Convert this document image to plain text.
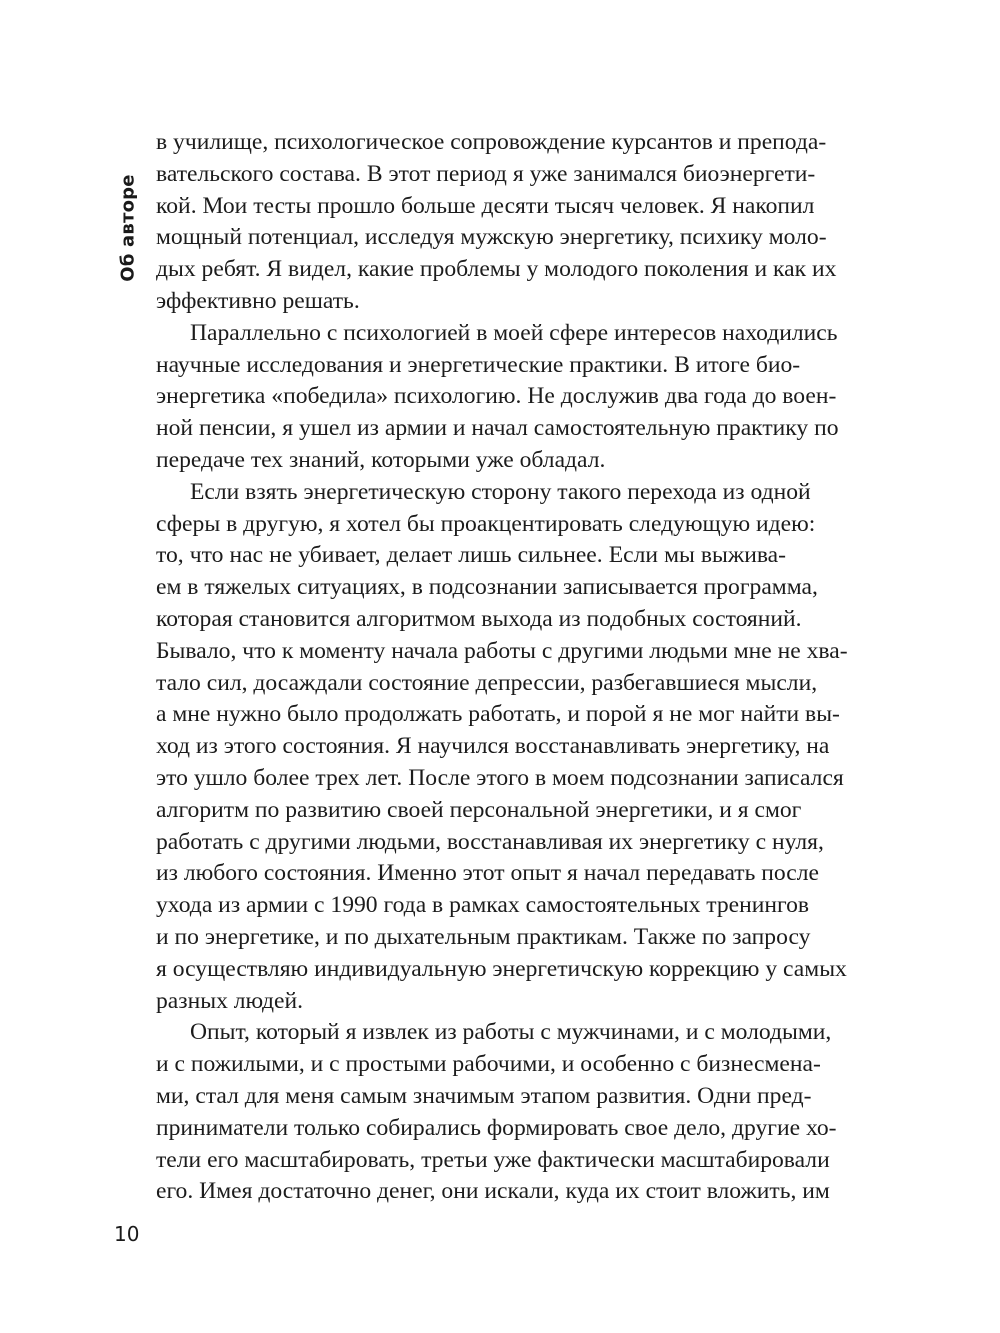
Об авторе

в училище, психологическое сопровождение курсантов и препода-
вательского состава. В этот период я уже занимался биоэнергети-
кой. Мои тесты прошло больше десяти тысяч человек. Я накопил
мощный потенциал, исследуя мужскую энергетику, психику моло-
дых ребят. Я видел, какие проблемы у молодого поколения и как их
эффективно решать.

Параллельно с психологией в моей сфере интересов находились
научные исследования и энергетические практики. В итоге био-
энергетика «победила» психологию. Не дослужив два года до воен-
ной пенсии, я ушел из армии и начал самостоятельную практику по
передаче тех знаний, которыми уже обладал.

Если взять энергетическую сторону такого перехода из одной
сферы в другую, я хотел бы проакцентировать следующую идею:
то, что нас не убивает, делает лишь сильнее. Если мы выжива-
ем в тяжелых ситуациях, в подсознании записывается программа,
которая становится алгоритмом выхода из подобных состояний.
Бывало, что к моменту начала работы с другими людьми мне не хва-
тало сил, досаждали состояние депрессии, разбегавшиеся мысли,
а мне нужно было продолжать работать, и порой я не мог найти вы-
ход из этого состояния. Я научился восстанавливать энергетику, на
это ушло более трех лет. После этого в моем подсознании записался
алгоритм по развитию своей персональной энергетики, и я смог
работать с другими людьми, восстанавливая их энергетику с нуля,
из любого состояния. Именно этот опыт я начал передавать после
ухода из армии с 1990 года в рамках самостоятельных тренингов
и по энергетике, и по дыхательным практикам. Также по запросу
я осуществляю индивидуальную энергетичскую коррекцию у самых
разных людей.

Опыт, который я извлек из работы с мужчинами, и с молодыми,
и с пожилыми, и с простыми рабочими, и особенно с бизнесмена-
ми, стал для меня самым значимым этапом развития. Одни пред-
приниматели только собирались формировать свое дело, другие хо-
тели его масштабировать, третьи уже фактически масштабировали
его. Имея достаточно денег, они искали, куда их стоит вложить, им

10
